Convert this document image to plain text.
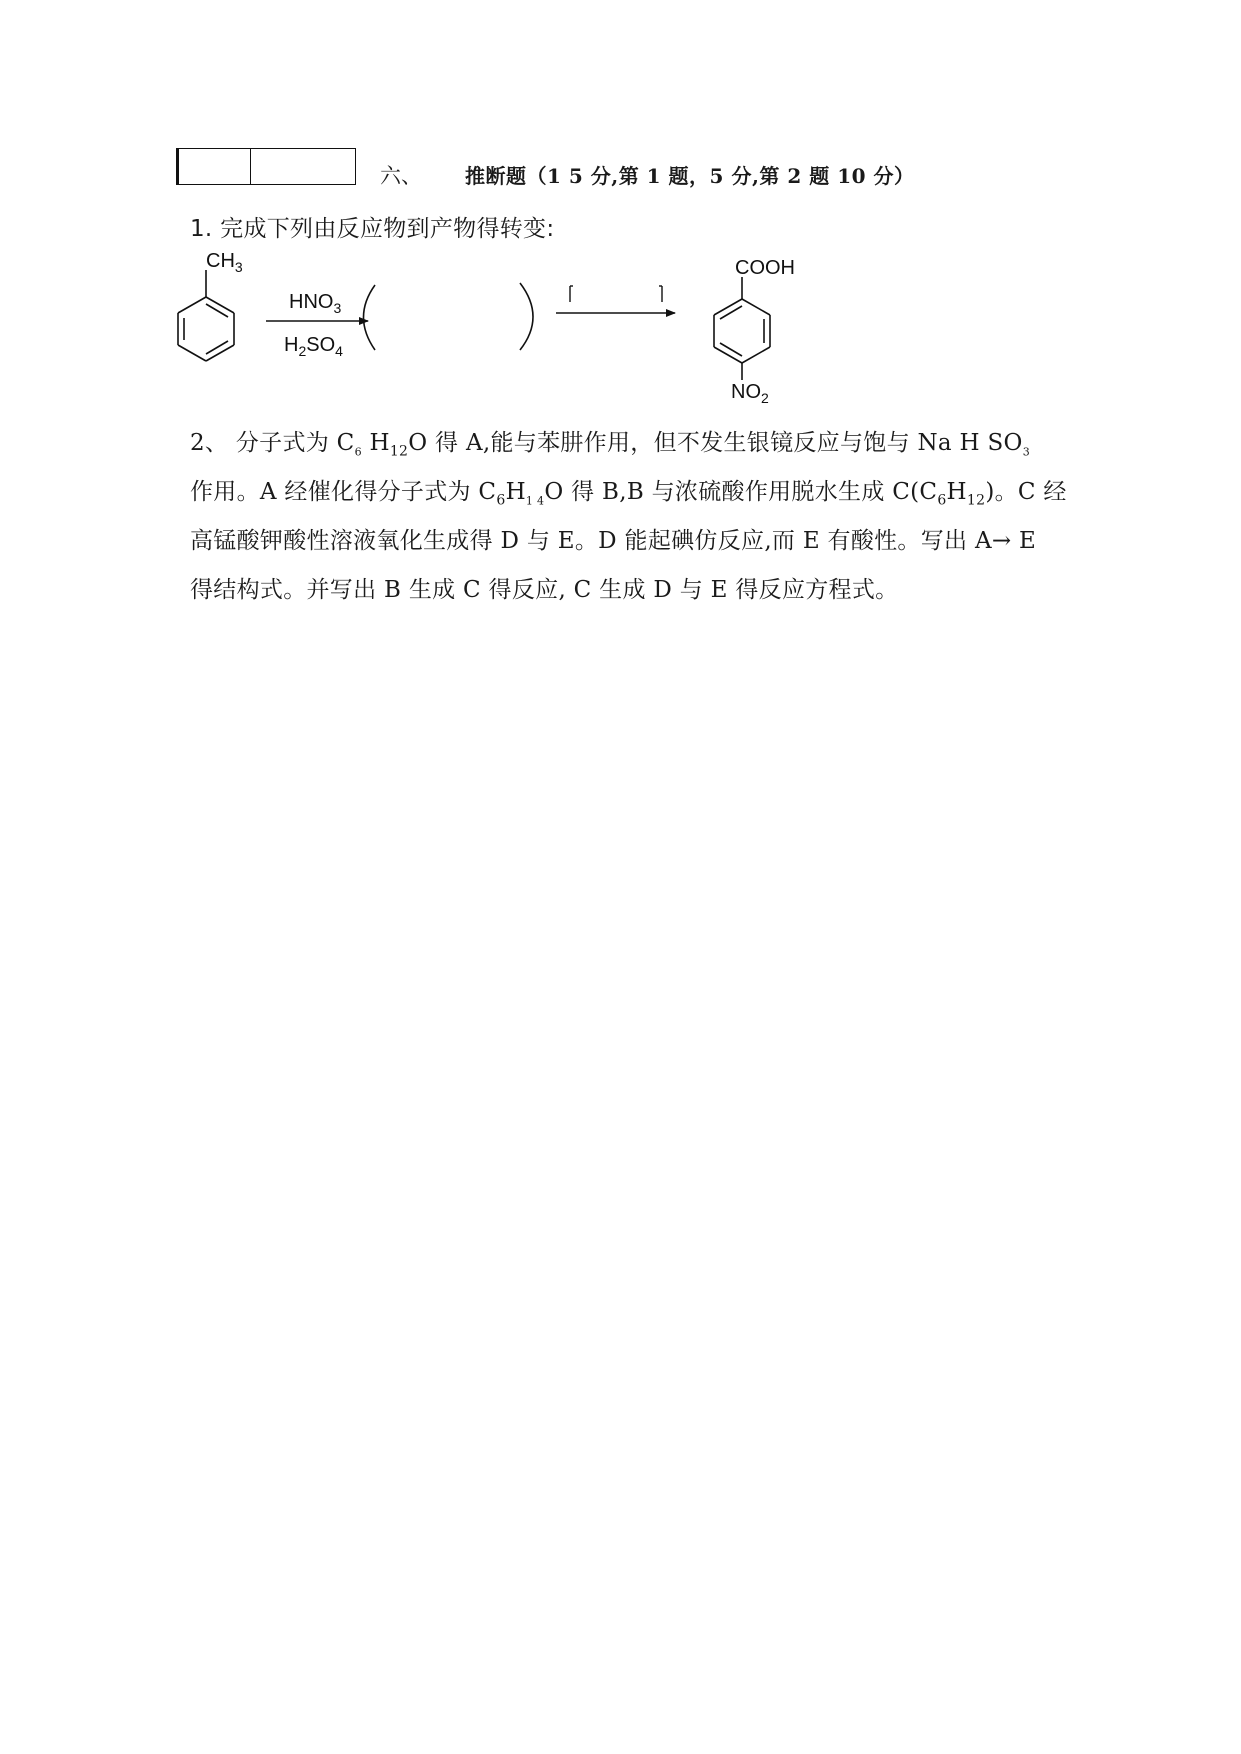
六、 推断题（1 5 分,第 1 题，5 分,第 2 题 10 分）
1. 完成下列由反应物到产物得转变:
$CH_3$
$HNO_3$
$H_2SO_4$
COOH
$NO_2$
2、 分子式为 $C_6$ $H_{12}O$ 得 A,能与苯肼作用，但不发生银镜反应与饱与 Na H $SO_3$
作用。A 经催化得分子式为 $C_6H_{1 4}O$ 得 B,B 与浓硫酸作用脱水生成 $C(C_6H_{12})$。C 经
高锰酸钾酸性溶液氧化生成得 D 与 E。D 能起碘仿反应,而 E 有酸性。写出 A→ E
得结构式。并写出 B 生成 C 得反应, C 生成 D 与 E 得反应方程式。
